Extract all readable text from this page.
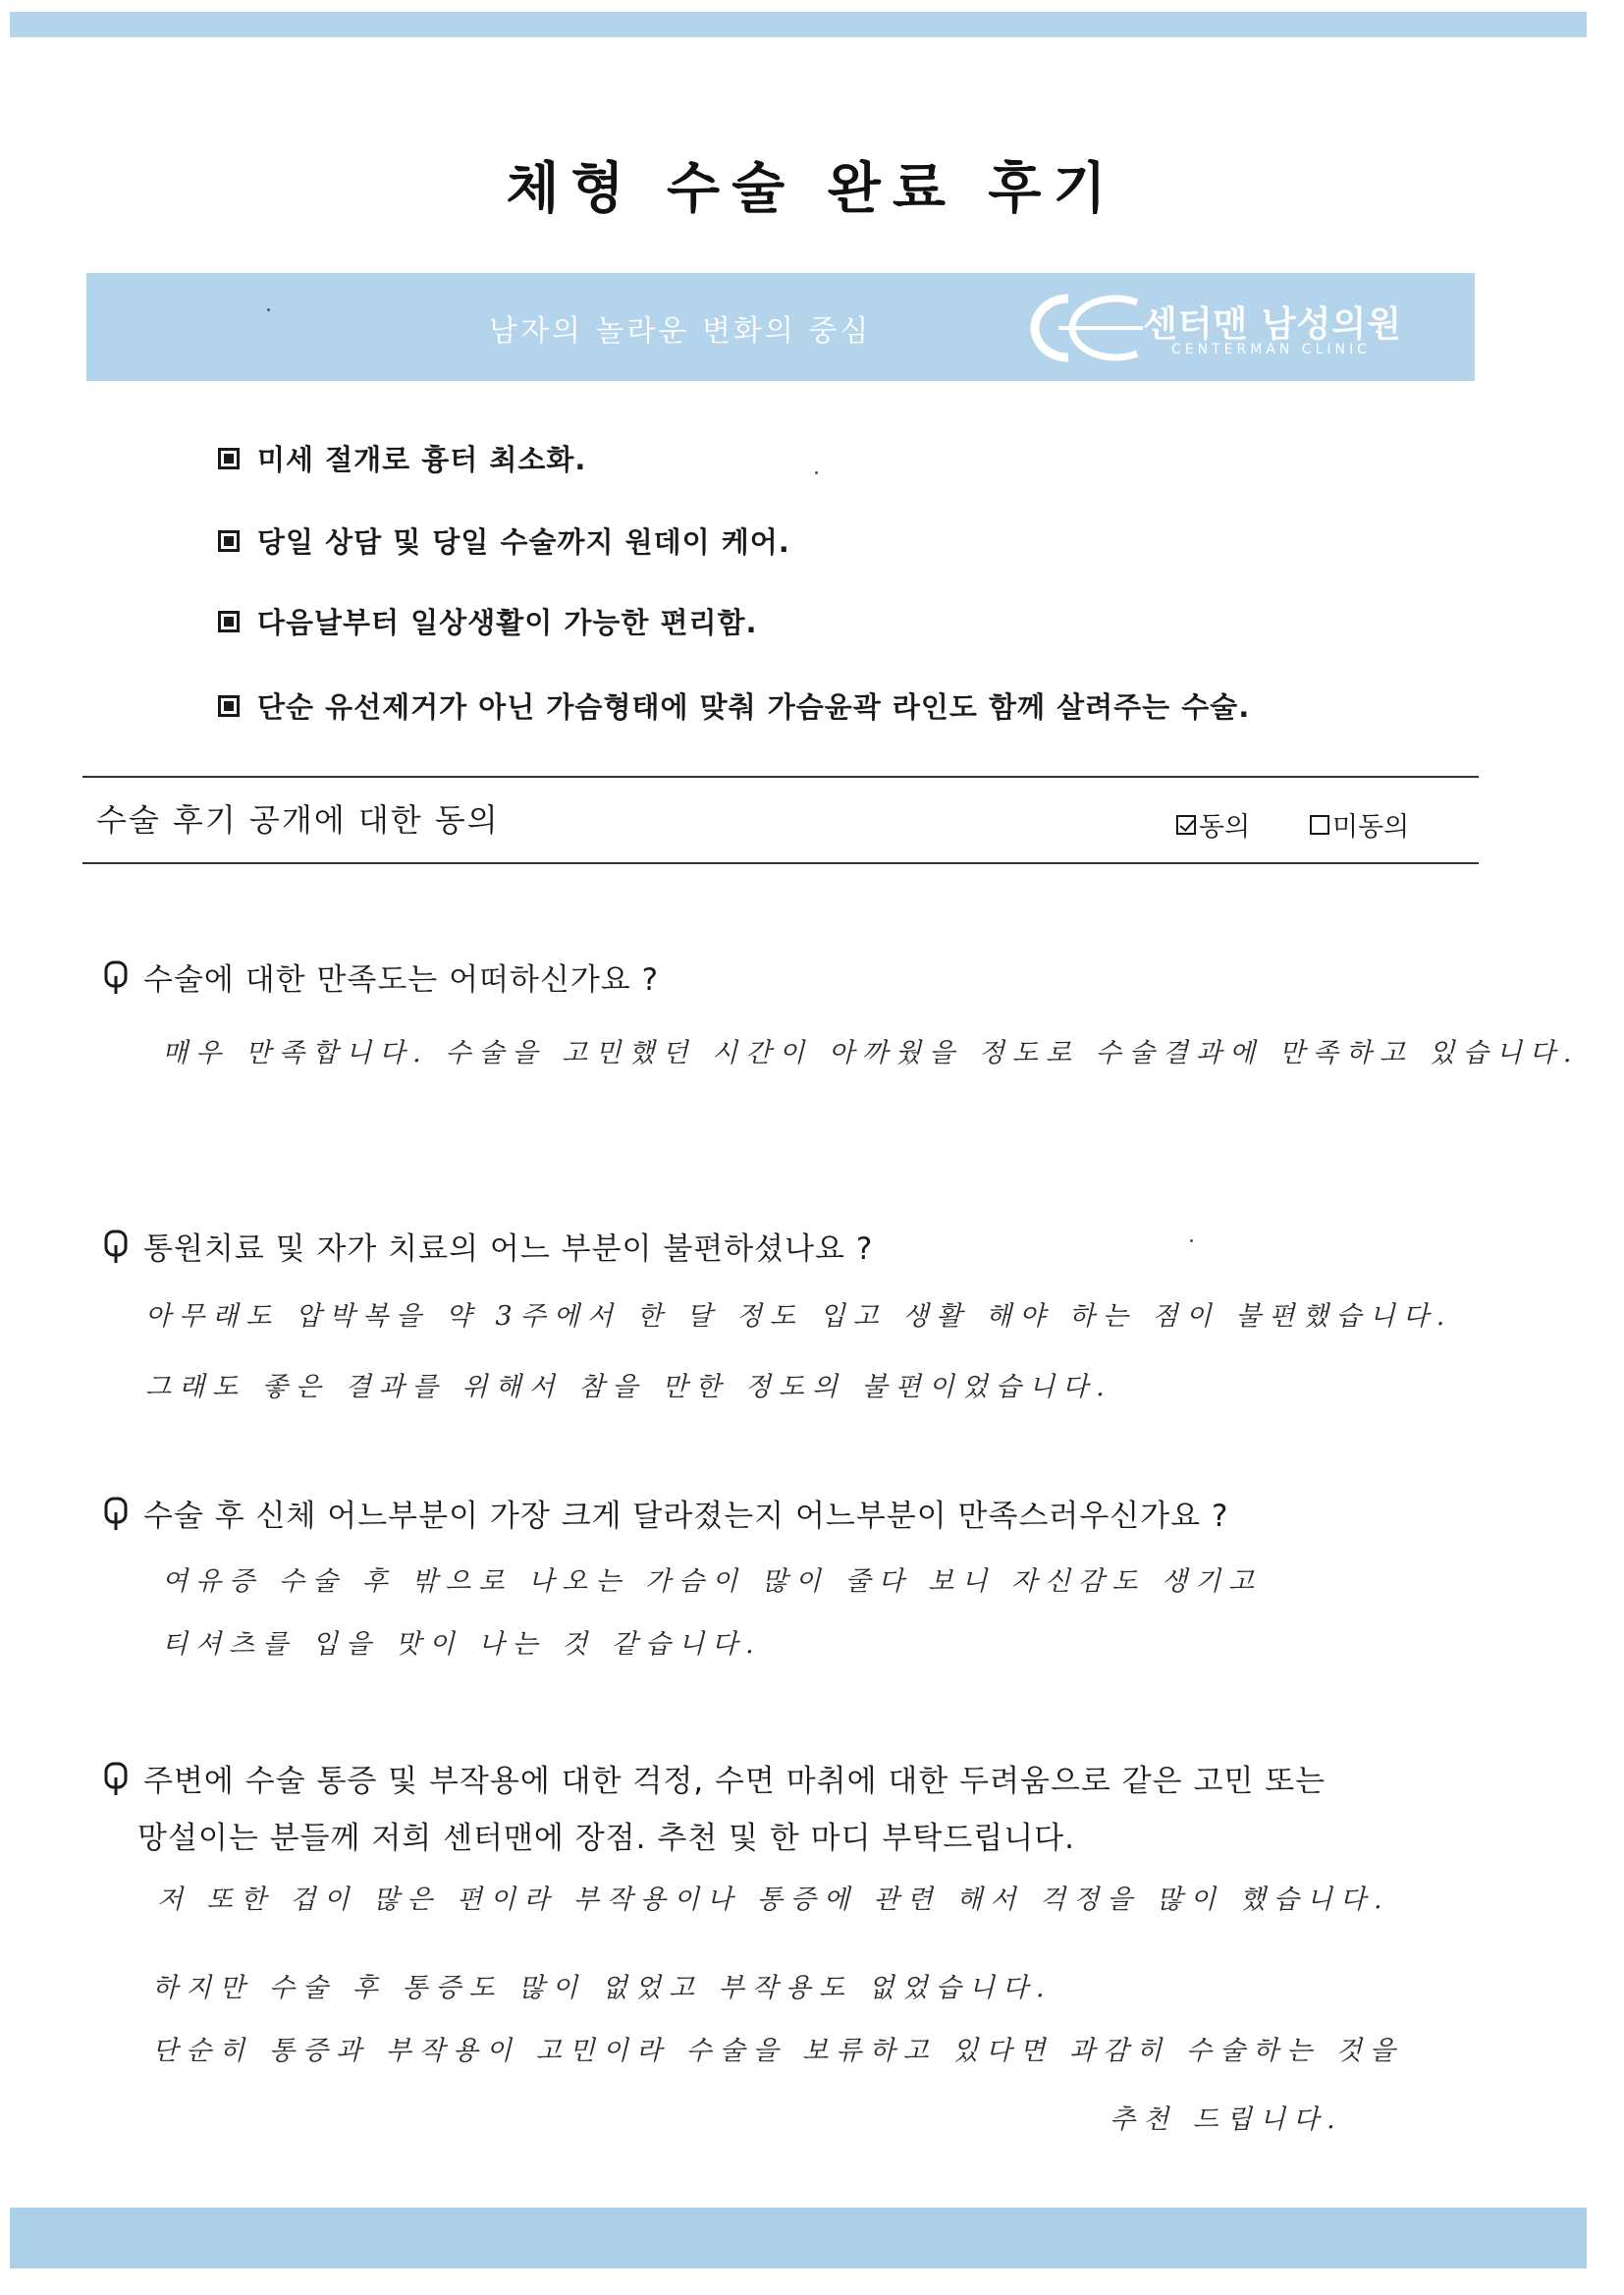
체형 수술 완료 후기
남자의 놀라운 변화의 중심	센터맨 남성의원
CENTERMAN CLINIC
미세 절개로 흉터 최소화.
당일 상담 및 당일 수술까지 원데이 케어.
다음날부터 일상생활이 가능한 편리함.
단순 유선제거가 아닌 가슴형태에 맞춰 가슴윤곽 라인도 함께 살려주는 수술.
수술 후기 공개에 대한 동의	동의	미동의
수술에 대한 만족도는 어떠하신가요 ?
매우 만족합니다. 수술을 고민했던 시간이 아까웠을 정도로 수술결과에 만족하고 있습니다.
통원치료 및 자가 치료의 어느 부분이 불편하셨나요 ?
아무래도 압박복을 약 3주에서 한 달 정도 입고 생활 해야 하는 점이 불편했습니다.
그래도 좋은 결과를 위해서 참을 만한 정도의 불편이었습니다.
수술 후 신체 어느부분이 가장 크게 달라졌는지 어느부분이 만족스러우신가요 ?
여유증 수술 후 밖으로 나오는 가슴이 많이 줄다 보니 자신감도 생기고
티셔츠를 입을 맛이 나는 것 같습니다.
주변에 수술 통증 및 부작용에 대한 걱정, 수면 마취에 대한 두려움으로 같은 고민 또는
망설이는 분들께 저희 센터맨에 장점. 추천 및 한 마디 부탁드립니다.
저 또한 겁이 많은 편이라 부작용이나 통증에 관련 해서 걱정을 많이 했습니다.
하지만 수술 후 통증도 많이 없었고 부작용도 없었습니다.
단순히 통증과 부작용이 고민이라 수술을 보류하고 있다면 과감히 수술하는 것을
추천 드립니다.
